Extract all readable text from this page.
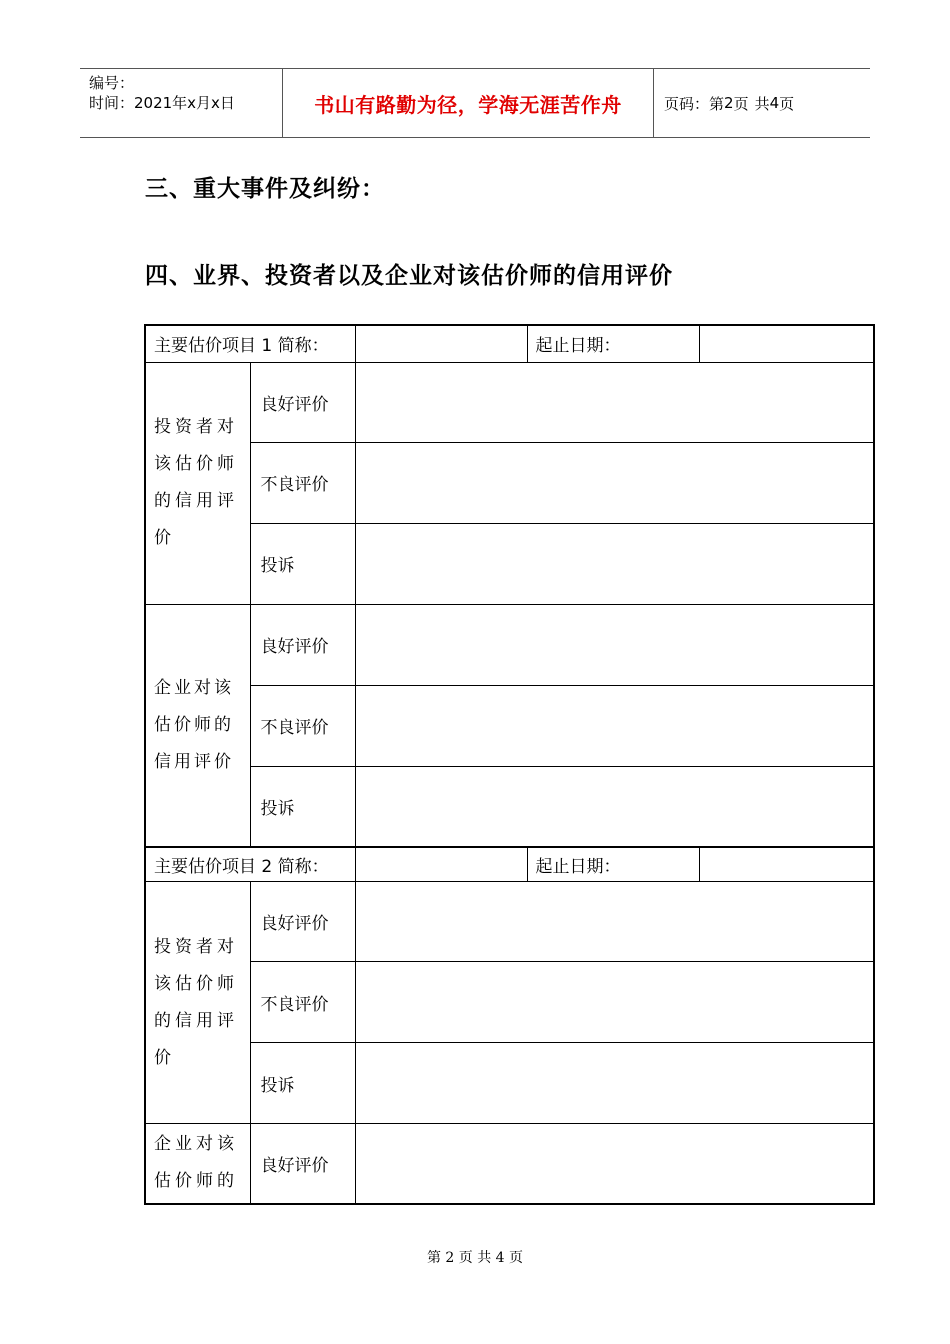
编号：
时间：2021年x月x日	书山有路勤为径，学海无涯苦作舟	页码：第 2 页 共 4 页
三、重大事件及纠纷：
四、业界、投资者以及企业对该估价师的信用评价
主要估价项目 1 简称：			起止日期：	
投资者对该估价师的信用评价	良好评价			
	不良评价			
	投诉			
企业对该估价师的信用评价	良好评价			
	不良评价			
	投诉			
主要估价项目 2 简称：			起止日期：	
投资者对该估价师的信用评价	良好评价			
	不良评价			
	投诉			
企业对该估价师的	良好评价			
第 2 页 共 4 页
